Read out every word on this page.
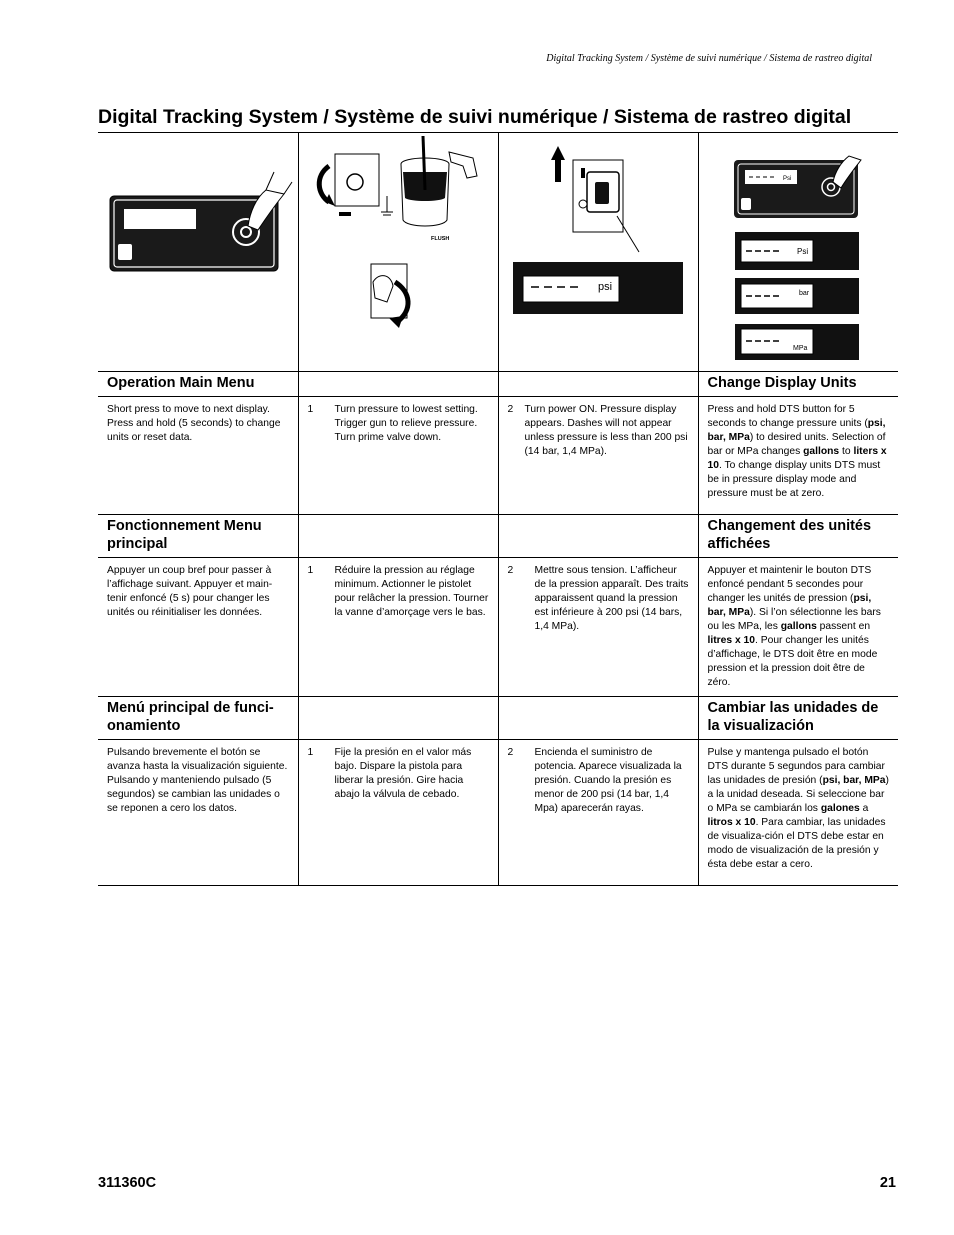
Digital Tracking System / Système de suivi numérique / Sistema de rastreo digital
Digital Tracking System / Système de suivi numérique / Sistema de rastreo digital

FLUSH	psi	Psi
Psi
bar
MPa

Operation Main Menu			Change Display Units

Short press to move to next display. Press and hold (5 seconds) to change units or reset data.	1 Turn pressure to lowest setting. Trigger gun to relieve pressure. Turn prime valve down.	2 Turn power ON. Pressure display appears. Dashes will not appear unless pressure is less than 200 psi (14 bar, 1,4 MPa).	Press and hold DTS button for 5 seconds to change pressure units (psi, bar, MPa) to desired units. Selection of bar or MPa changes gallons to liters x 10. To change display units DTS must be in pressure display mode and pressure must be at zero.

Fonctionnement Menu principal			Changement des unités affichées

Appuyer un coup bref pour passer à l’affichage suivant. Appuyer et main-tenir enfoncé (5 s) pour changer les unités ou réinitialiser les données.	1 Réduire la pression au réglage minimum. Actionner le pistolet pour relâcher la pression. Tourner la vanne d’amorçage vers le bas.	2 Mettre sous tension. L’afficheur de la pression apparaît. Des traits apparaissent quand la pression est inférieure à 200 psi (14 bars, 1,4 MPa).	Appuyer et maintenir le bouton DTS enfoncé pendant 5 secondes pour changer les unités de pression (psi, bar, MPa). Si l’on sélectionne les bars ou les MPa, les gallons passent en litres x 10. Pour changer les unités d’affichage, le DTS doit être en mode pression et la pression doit être de zéro.

Menú principal de funci-onamiento			Cambiar las unidades de la visualización

Pulsando brevemente el botón se avanza hasta la visualización siguiente. Pulsando y manteniendo pulsado (5 segundos) se cambian las unidades o se reponen a cero los datos.	1 Fije la presión en el valor más bajo. Dispare la pistola para liberar la presión. Gire hacia abajo la válvula de cebado.	2 Encienda el suministro de potencia. Aparece visualizada la presión. Cuando la presión es menor de 200 psi (14 bar, 1,4 Mpa) aparecerán rayas.	Pulse y mantenga pulsado el botón DTS durante 5 segundos para cambiar las unidades de presión (psi, bar, MPa) a la unidad deseada. Si seleccione bar o MPa se cambiarán los galones a litros x 10. Para cambiar, las unidades de visualiza-ción el DTS debe estar en modo de visualización de la presión y ésta debe estar a cero.
311360C	21
